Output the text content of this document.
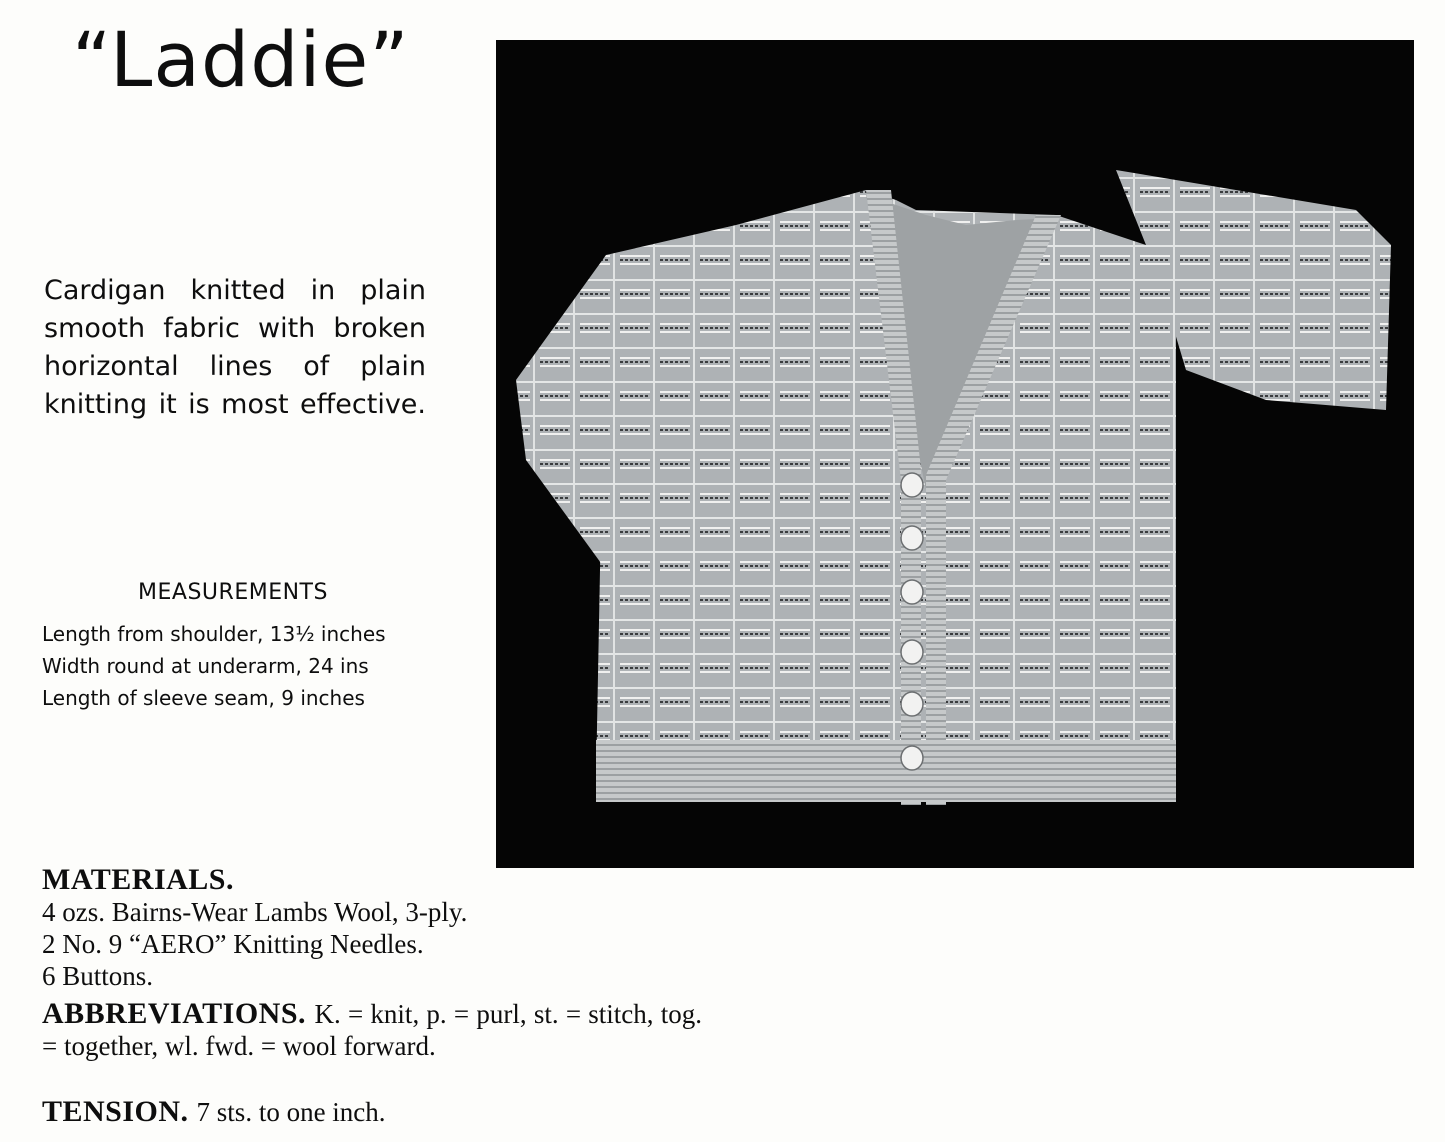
“Laddie”

Cardigan knitted in plain smooth fabric with broken horizontal lines of plain knitting it is most effective.

MEASUREMENTS
Length from shoulder, 13½ inches
Width round at underarm, 24 ins
Length of sleeve seam, 9 inches
MATERIALS.
4 ozs. Bairns-Wear Lambs Wool, 3-ply.
2 No. 9 “AERO” Knitting Needles.
6 Buttons.
ABBREVIATIONS. K. = knit, p. = purl, st. = stitch, tog. = together, wl. fwd. = wool forward.
TENSION. 7 sts. to one inch.
